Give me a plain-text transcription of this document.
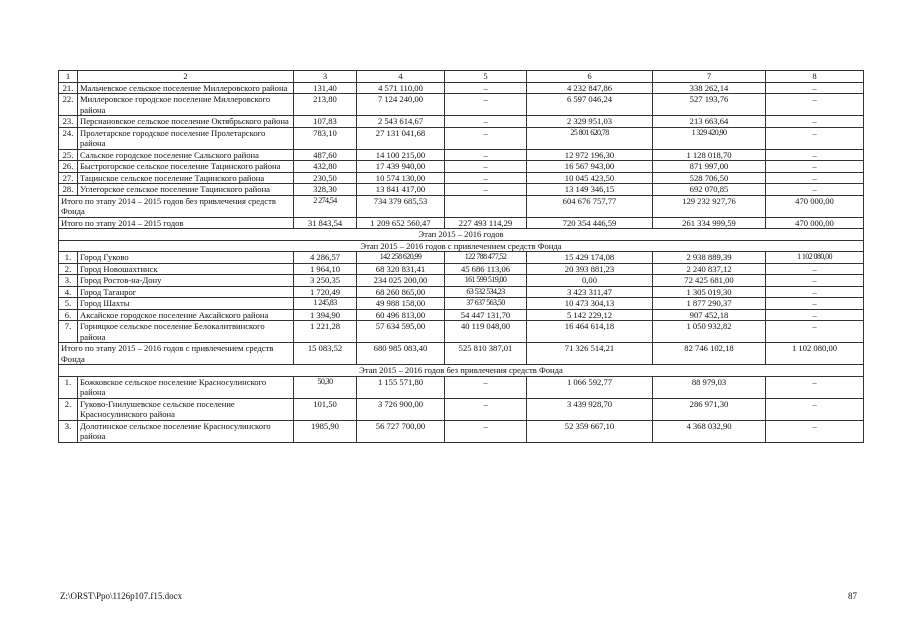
1	2	3	4	5	6	7	8
21.	Мальчевское сельское поселение Миллеровского района	131,40	4 571 110,00	–	4 232 847,86	338 262,14	–
22.	Миллеровское городское поселение Миллеровского района	213,80	7 124 240,00	–	6 597 046,24	527 193,76	–
23.	Персиановское сельское поселение Октябрьского района	107,83	2 543 614,67	–	2 329 951,03	213 663,64	–
24.	Пролетарское городское поселение Пролетарского района	783,10	27 131 041,68	–	25 801 620,78	1 329 420,90	–
25.	Сальское городское поселение Сальского района	487,60	14 100 215,00	–	12 972 196,30	1 128 018,70	–
26.	Быстрогорское сельское поселение Тацинского района	432,80	17 439 940,00	–	16 567 943,00	871 997,00	–
27.	Тацинское сельское поселение Тацинского района	230,50	10 574 130,00	–	10 045 423,50	528 706,50	–
28.	Углегорское сельское поселение Тацинского района	328,30	13 841 417,00	–	13 149 346,15	692 070,85	–
Итого по этапу 2014 – 2015 годов без привлечения средств Фонда		2 274,54	734 379 685,53		604 676 757,77	129 232 927,76	470 000,00
Итого по этапу 2014 – 2015 годов		31 843,54	1 209 652 560,47	227 493 114,29	720 354 446,59	261 334 999,59	470 000,00
Этап 2015 – 2016 годов							
Этап 2015 – 2016 годов с привлечением средств Фонда							
1.	Город Гуково	4 286,57	142 258 620,99	122 788 477,52	15 429 174,08	2 938 889,39	1 102 080,00
2.	Город Новошахтинск	1 964,10	68 320 831,41	45 686 113,06	20 393 881,23	2 240 837,12	–
3.	Город Ростов-на-Дону	3 250,35	234 025 200,00	161 599 519,00	0,00	72 425 681,00	–
4.	Город Таганрог	1 720,49	68 260 865,00	63 532 534,23	3 423 311,47	1 305 019,30	–
5.	Город Шахты	1 245,83	49 988 158,00	37 637 563,50	10 473 304,13	1 877 290,37	–
6.	Аксайское городское поселение Аксайского района	1 394,90	60 496 813,00	54 447 131,70	5 142 229,12	907 452,18	–
7.	Горняцкое сельское поселение Белокалитвинского района	1 221,28	57 634 595,00	40 119 048,00	16 464 614,18	1 050 932,82	–
Итого по этапу 2015 – 2016 годов с привлечением средств Фонда		15 083,52	680 985 083,40	525 810 387,01	71 326 514,21	82 746 102,18	1 102 080,00
Этап 2015 – 2016 годов без привлечения средств Фонда							
1.	Божковское сельское поселение Красносулинского района	50,30	1 155 571,80	–	1 066 592,77	88 979,03	–
2.	Гуково-Гнилушевское сельское поселение Красносулинского района	101,50	3 726 900,00	–	3 439 928,70	286 971,30	–
3.	Долотинское сельское поселение Красносулинского района	1985,90	56 727 700,00	–	52 359 667,10	4 368 032,90	–
Z:\ORST\Ppo\1126p107.f15.docx	87
